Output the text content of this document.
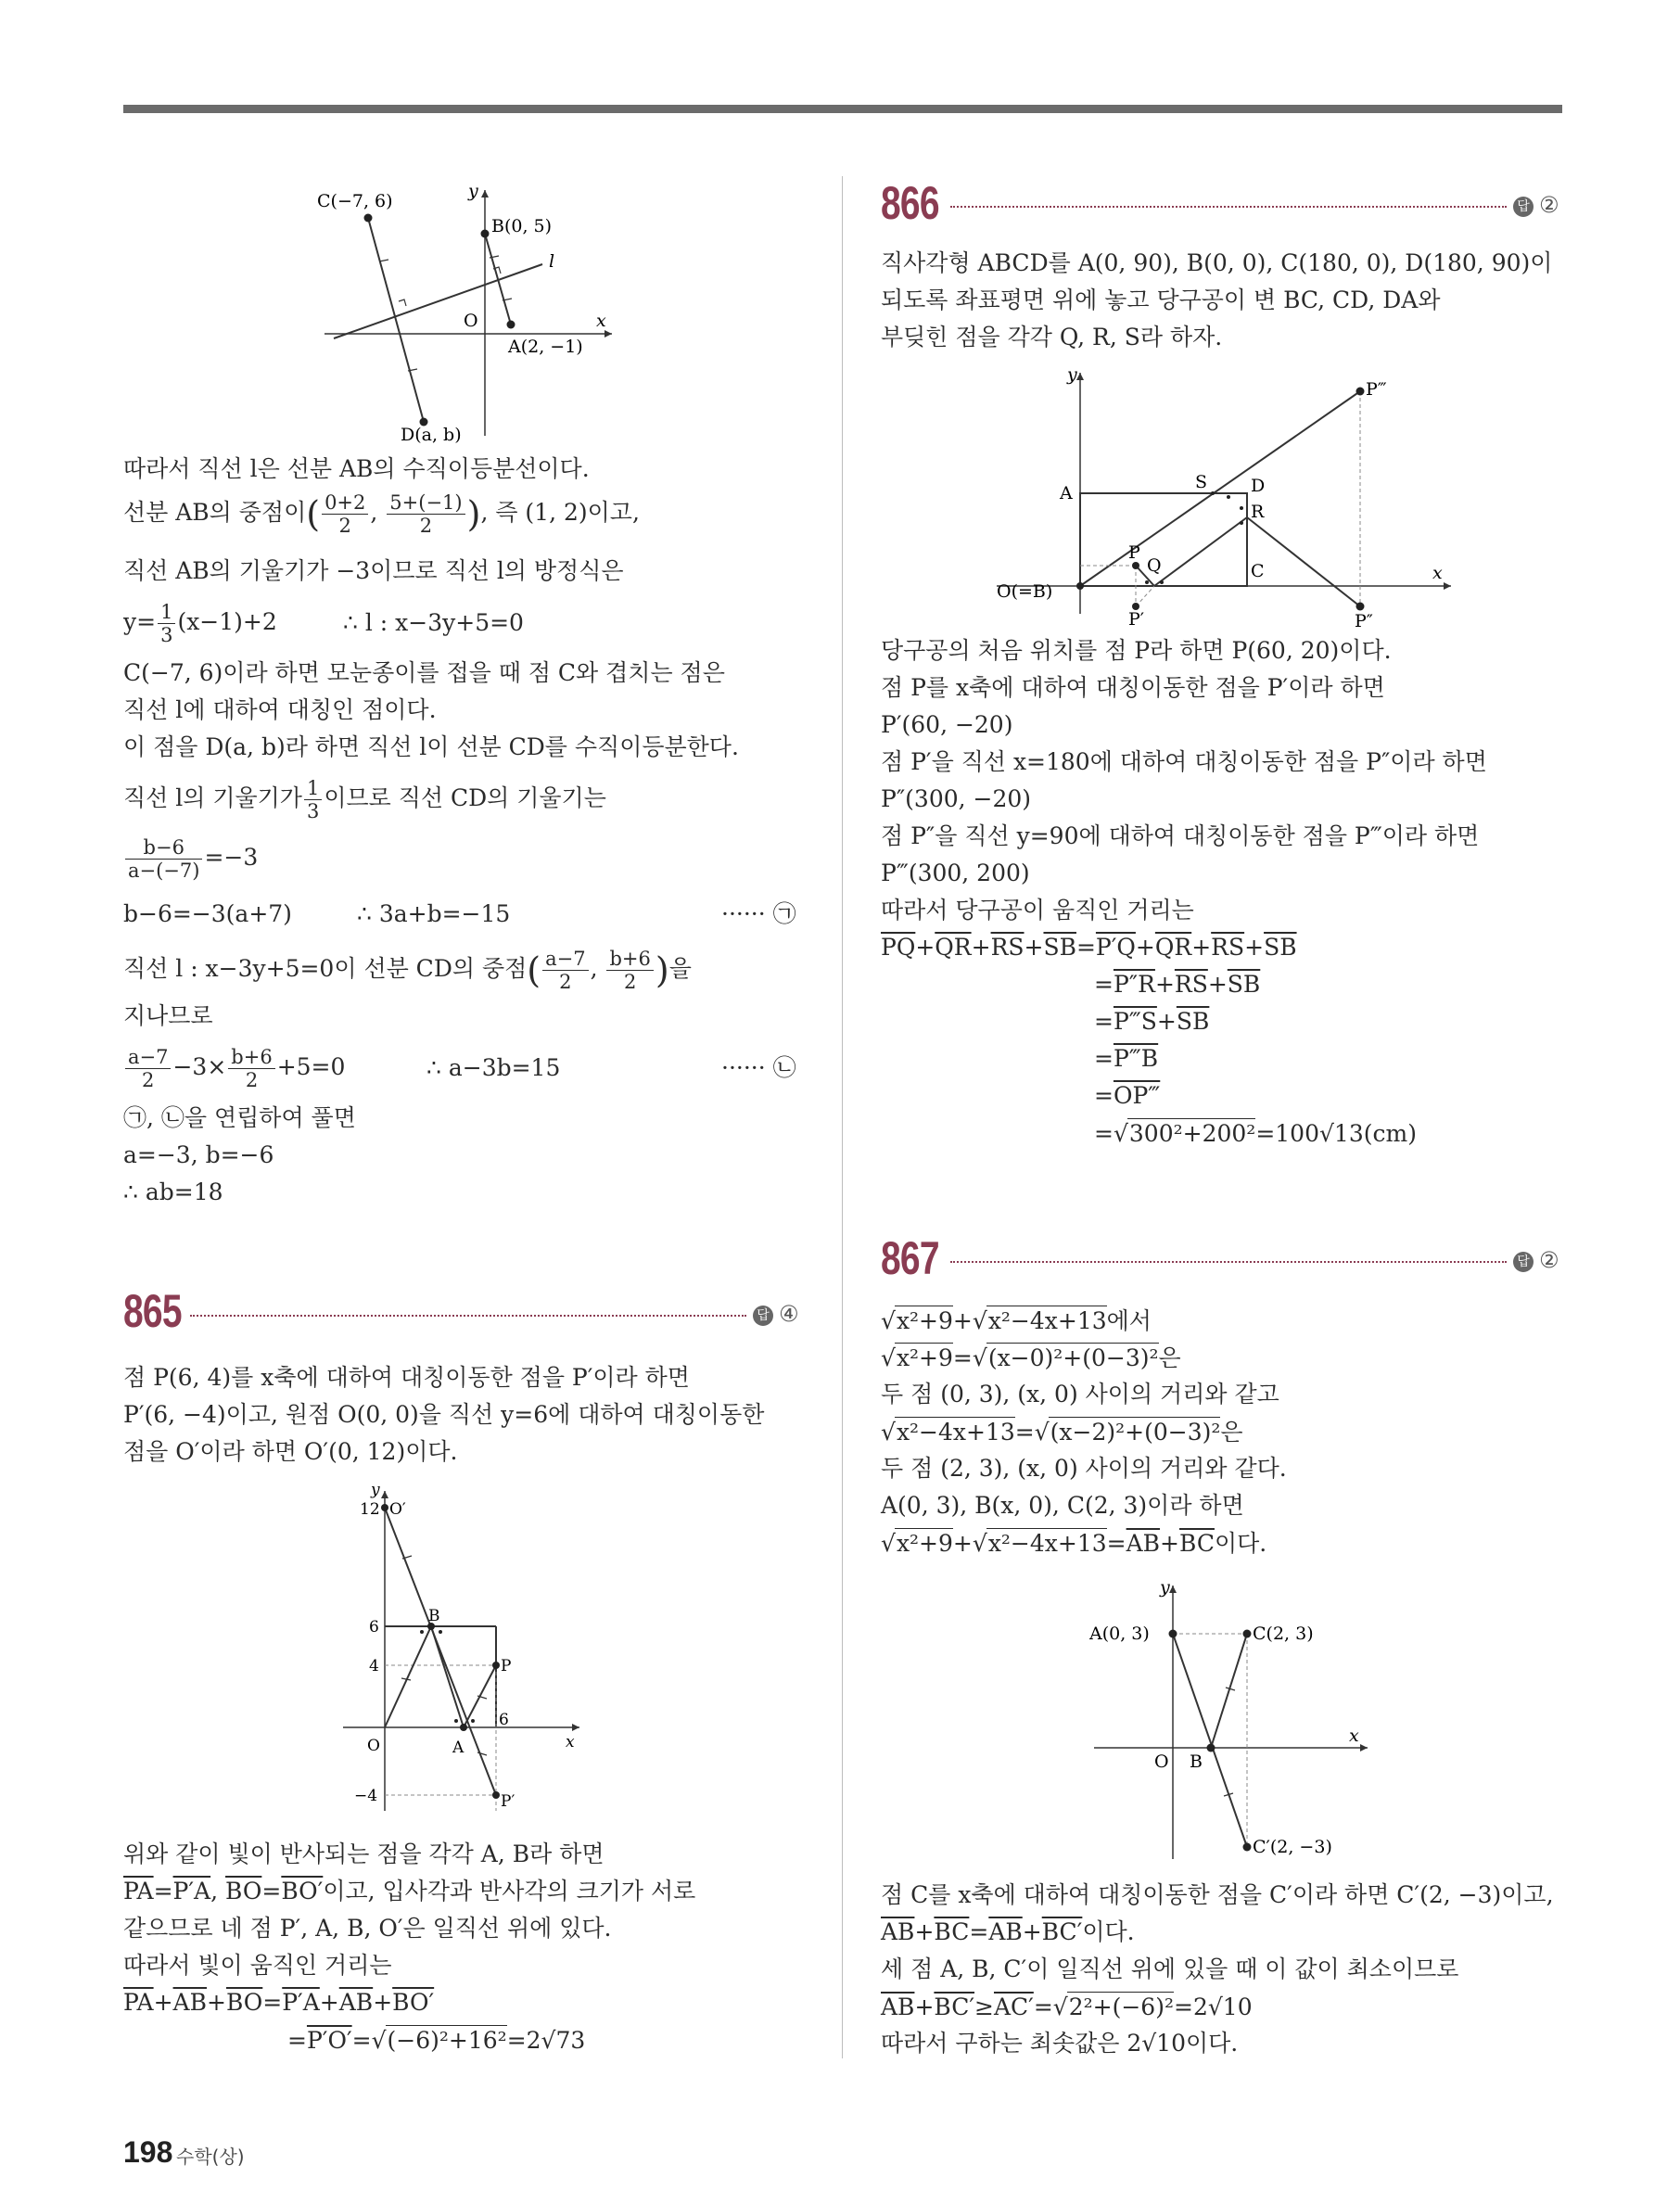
C(−7, 6)
B(0, 5)
A(2, −1)
D(a, b)
O	x
y
l
따라서 직선 l은 선분 AB의 수직이등분선이다.
선분 AB의 중점이( $\frac{0+2}{2}$ , $\frac{5+(-1)}{2}$ ), 즉 (1, 2)이고,
직선 AB의 기울기가 −3이므로 직선 l의 방정식은
$y= \frac{1}{3} (x-1)+2$	∴ l : x−3y+5=0
C(−7, 6)이라 하면 모눈종이를 접을 때 점 C와 겹치는 점은
직선 l에 대하여 대칭인 점이다.
이 점을 D(a, b)라 하면 직선 l이 선분 CD를 수직이등분한다.
직선 l의 기울기가 $\frac{1}{3}$ 이므로 직선 CD의 기울기는
$\frac{b-6}{a-(-7)} =-3$
b−6=−3(a+7)	∴ 3a+b=−15	······ ㉠
직선 l : x−3y+5=0이 선분 CD의 중점( $\frac{a-7}{2}$ , $\frac{b+6}{2}$ )을
지나므로
$\frac{a-7}{2} -3\times \frac{b+6}{2} +5=0$	∴ a−3b=15	······ ㉡
㉠, ㉡을 연립하여 풀면
a=−3, b=−6
∴ ab=18
865	답 ④
점 P(6, 4)를 x축에 대하여 대칭이동한 점을 P′이라 하면
P′(6, −4)이고, 원점 O(0, 0)을 직선 y=6에 대하여 대칭이동한
점을 O′이라 하면 O′(0, 12)이다.
12 O′
B
6
4	P
O	A
6
−4	P′
x
y
위와 같이 빛이 반사되는 점을 각각 A, B라 하면
$\overline{PA}=P'A$, $\overline{BO}=BO'$이고, 입사각과 반사각의 크기가 서로
같으므로 네 점 P′, A, B, O′은 일직선 위에 있다.
따라서 빛이 움직인 거리는
$\overline{PA}+\overline{AB}+\overline{BO}=P'A+\overline{AB}+BO'$
=P′O′=√(−6)²+16²=2√73
866	답 ②
직사각형 ABCD를 A(0, 90), B(0, 0), C(180, 0), D(180, 90)이
되도록 좌표평면 위에 놓고 당구공이 변 BC, CD, DA와
부딪힌 점을 각각 Q, R, S라 하자.
P‴
A
S D
R
P
Q	C
O(=B)
P′	P″
x
y
당구공의 처음 위치를 점 P라 하면 P(60, 20)이다.
점 P를 x축에 대하여 대칭이동한 점을 P′이라 하면
P′(60, −20)
점 P′을 직선 x=180에 대하여 대칭이동한 점을 P″이라 하면
P″(300, −20)
점 P″을 직선 y=90에 대하여 대칭이동한 점을 P‴이라 하면
P‴(300, 200)
따라서 당구공이 움직인 거리는
$\overline{PQ}+\overline{QR}+\overline{RS}+\overline{SB}=P'Q+\overline{QR}+\overline{RS}+\overline{SB}$
$=P''R+\overline{RS}+\overline{SB}$
$=P‴S+\overline{SB}$
=P‴B
=OP‴
=√300²+200²=100√13(cm)
867	답 ②
√x²+9+√x²−4x+13에서
√x²+9=√(x−0)²+(0−3)²은
두 점 (0, 3), (x, 0) 사이의 거리와 같고
√x²−4x+13=√(x−2)²+(0−3)²은
두 점 (2, 3), (x, 0) 사이의 거리와 같다.
A(0, 3), B(x, 0), C(2, 3)이라 하면
$√x^2+9+√x^2-4x+13=\overline{AB}+\overline{BC}$이다.
A(0, 3)	C(2, 3)
O B
C′(2, −3)
x
y
점 C를 x축에 대하여 대칭이동한 점을 C′이라 하면 C′(2, −3)이고,
$\overline{AB}+\overline{BC}=\overline{AB}+BC'$이다.
세 점 A, B, C′이 일직선 위에 있을 때 이 값이 최소이므로
$\overline{AB}+BC'\ge AC'=√2^2+(-6)^2=2√10$
따라서 구하는 최솟값은 2√10이다.
198 수학(상)
